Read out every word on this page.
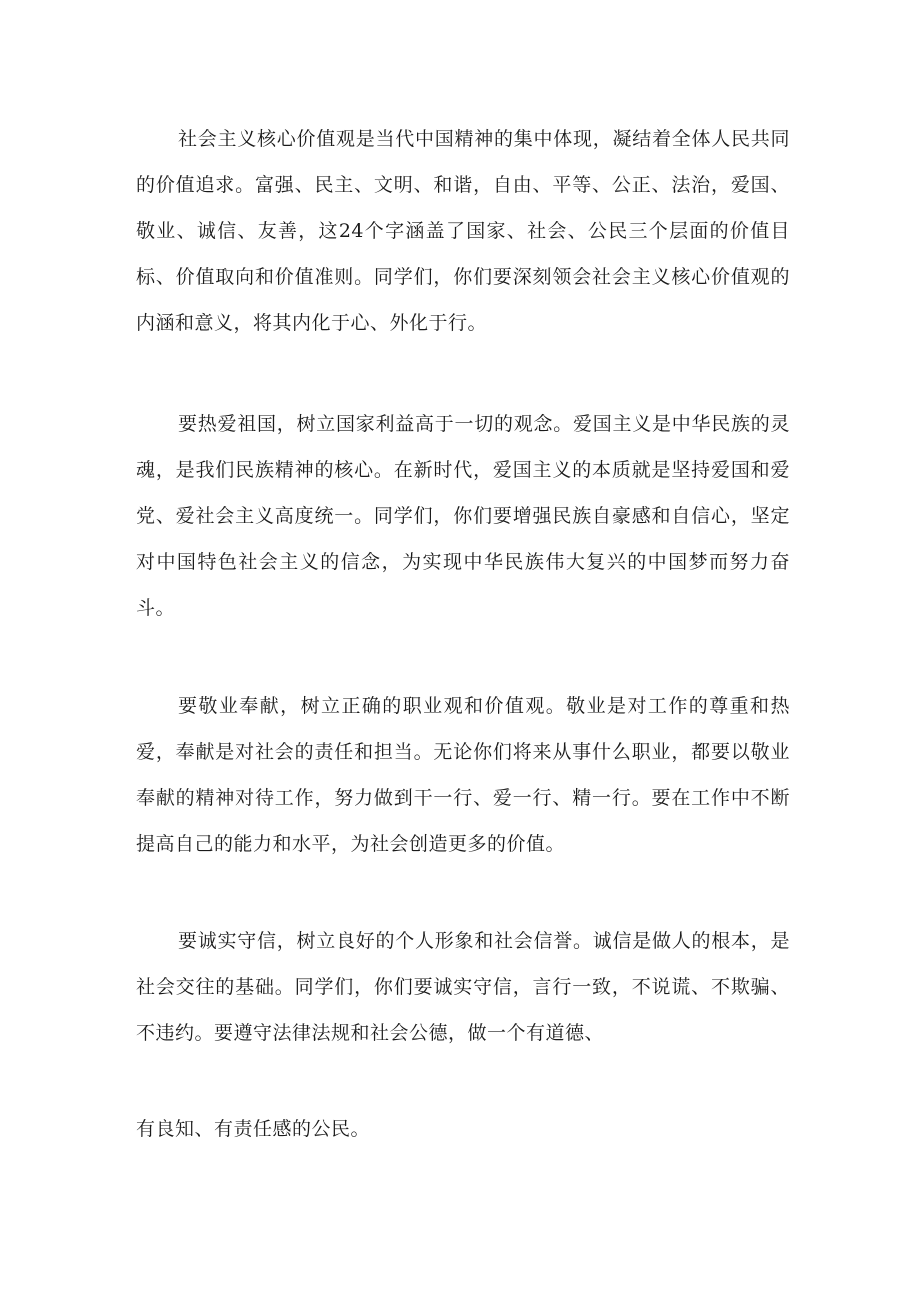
社会主义核心价值观是当代中国精神的集中体现，凝结着全体人民共同的价值追求。富强、民主、文明、和谐，自由、平等、公正、法治，爱国、敬业、诚信、友善，这24个字涵盖了国家、社会、公民三个层面的价值目标、价值取向和价值准则。同学们，你们要深刻领会社会主义核心价值观的内涵和意义，将其内化于心、外化于行。

要热爱祖国，树立国家利益高于一切的观念。爱国主义是中华民族的灵魂，是我们民族精神的核心。在新时代，爱国主义的本质就是坚持爱国和爱党、爱社会主义高度统一。同学们，你们要增强民族自豪感和自信心，坚定对中国特色社会主义的信念，为实现中华民族伟大复兴的中国梦而努力奋斗。

要敬业奉献，树立正确的职业观和价值观。敬业是对工作的尊重和热爱，奉献是对社会的责任和担当。无论你们将来从事什么职业，都要以敬业奉献的精神对待工作，努力做到干一行、爱一行、精一行。要在工作中不断提高自己的能力和水平，为社会创造更多的价值。

要诚实守信，树立良好的个人形象和社会信誉。诚信是做人的根本，是社会交往的基础。同学们，你们要诚实守信，言行一致，不说谎、不欺骗、不违约。要遵守法律法规和社会公德，做一个有道德、

有良知、有责任感的公民。
